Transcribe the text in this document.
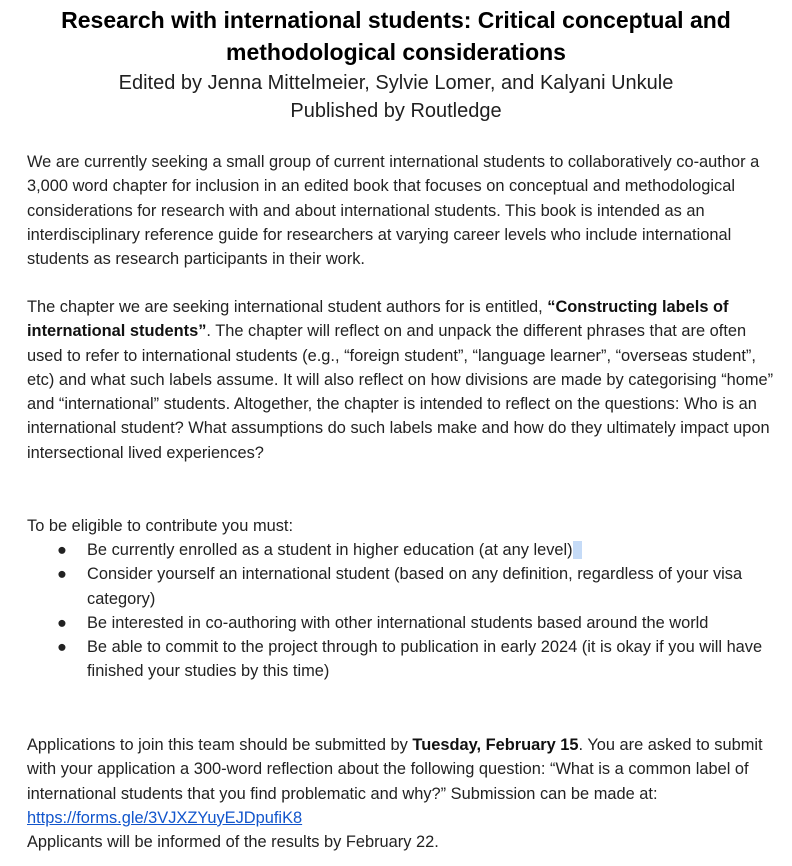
Research with international students: Critical conceptual and
methodological considerations
Edited by Jenna Mittelmeier, Sylvie Lomer, and Kalyani Unkule
Published by Routledge

We are currently seeking a small group of current international students to collaboratively co-author a 3,000 word chapter for inclusion in an edited book that focuses on conceptual and methodological considerations for research with and about international students. This book is intended as an interdisciplinary reference guide for researchers at varying career levels who include international students as research participants in their work.

The chapter we are seeking international student authors for is entitled, “Constructing labels of international students”. The chapter will reflect on and unpack the different phrases that are often used to refer to international students (e.g., “foreign student”, “language learner”, “overseas student”, etc) and what such labels assume. It will also reflect on how divisions are made by categorising “home” and “international” students. Altogether, the chapter is intended to reflect on the questions: Who is an international student? What assumptions do such labels make and how do they ultimately impact upon intersectional lived experiences?

To be eligible to contribute you must:

● Be currently enrolled as a student in higher education (at any level)
● Consider yourself an international student (based on any definition, regardless of your visa category)
● Be interested in co-authoring with other international students based around the world
● Be able to commit to the project through to publication in early 2024 (it is okay if you will have finished your studies by this time)

Applications to join this team should be submitted by Tuesday, February 15. You are asked to submit with your application a 300-word reflection about the following question: “What is a common label of international students that you find problematic and why?” Submission can be made at: https://forms.gle/3VJXZYuyEJDpufiK8

Applicants will be informed of the results by February 22.
